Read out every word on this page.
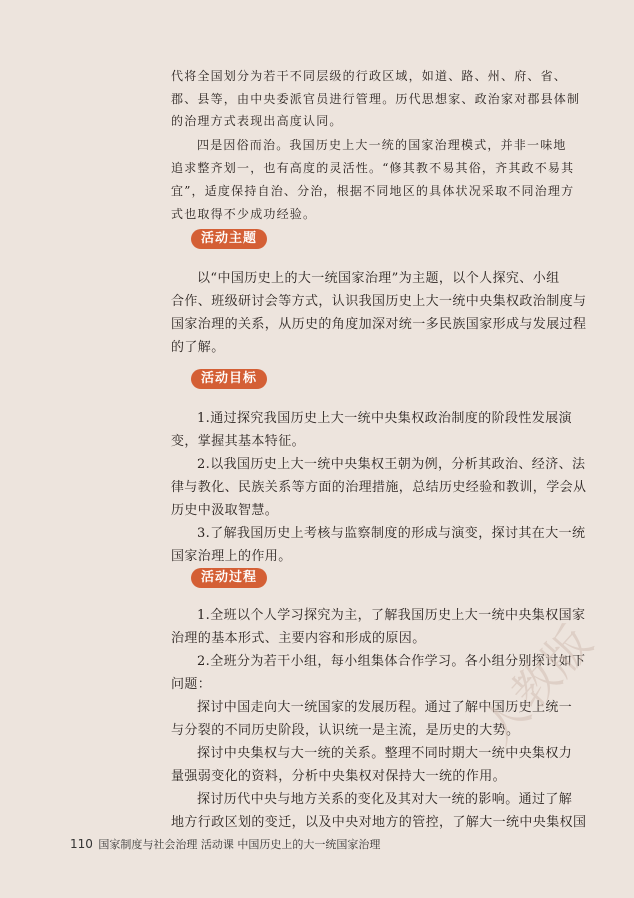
代将全国划分为若干不同层级的行政区域，如道、路、州、府、省、

郡、县等，由中央委派官员进行管理。历代思想家、政治家对郡县体制

的治理方式表现出高度认同。

四是因俗而治。我国历史上大一统的国家治理模式，并非一味地

追求整齐划一，也有高度的灵活性。“修其教不易其俗，齐其政不易其

宜”，适度保持自治、分治，根据不同地区的具体状况采取不同治理方

式也取得不少成功经验。

活动主题

以“中国历史上的大一统国家治理”为主题，以个人探究、小组

合作、班级研讨会等方式，认识我国历史上大一统中央集权政治制度与

国家治理的关系，从历史的角度加深对统一多民族国家形成与发展过程

的了解。

活动目标

1.通过探究我国历史上大一统中央集权政治制度的阶段性发展演

变，掌握其基本特征。

2.以我国历史上大一统中央集权王朝为例，分析其政治、经济、法

律与教化、民族关系等方面的治理措施，总结历史经验和教训，学会从

历史中汲取智慧。

3.了解我国历史上考核与监察制度的形成与演变，探讨其在大一统

国家治理上的作用。

活动过程

1.全班以个人学习探究为主，了解我国历史上大一统中央集权国家

治理的基本形式、主要内容和形成的原因。

2.全班分为若干小组，每小组集体合作学习。各小组分别探讨如下

问题：

探讨中国走向大一统国家的发展历程。通过了解中国历史上统一

与分裂的不同历史阶段，认识统一是主流，是历史的大势。

探讨中央集权与大一统的关系。整理不同时期大一统中央集权力

量强弱变化的资料，分析中央集权对保持大一统的作用。

探讨历代中央与地方关系的变化及其对大一统的影响。通过了解

地方行政区划的变迁，以及中央对地方的管控，了解大一统中央集权国

人教版
110 国家制度与社会治理 活动课 中国历史上的大一统国家治理
